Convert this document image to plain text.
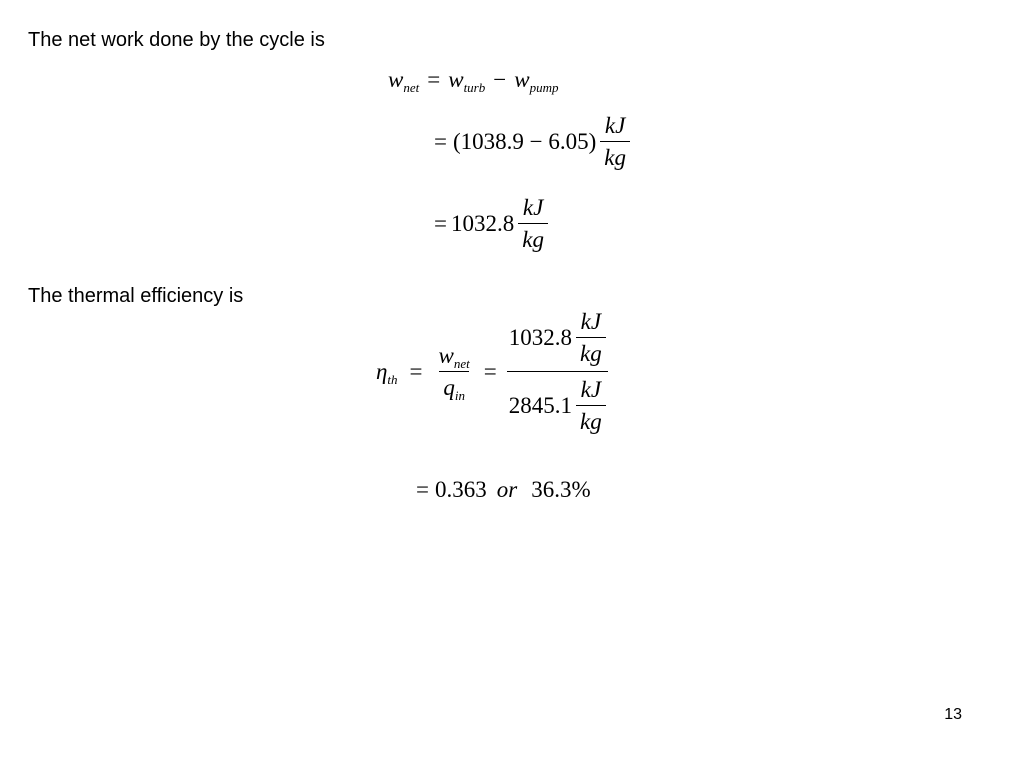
The net work done by the cycle is
$w_{net} = w_{turb} - w_{pump}$
= $(1038.9 - 6.05) \frac{kJ}{kg}$
= $1032.8 \frac{kJ}{kg}$
The thermal efficiency is
$\eta_{th} = \frac{w_{net}}{q_{in}} = \frac{1032.8 \frac{kJ}{kg}}{2845.1 \frac{kJ}{kg}}$
= 0.363 or 36.3%
13
